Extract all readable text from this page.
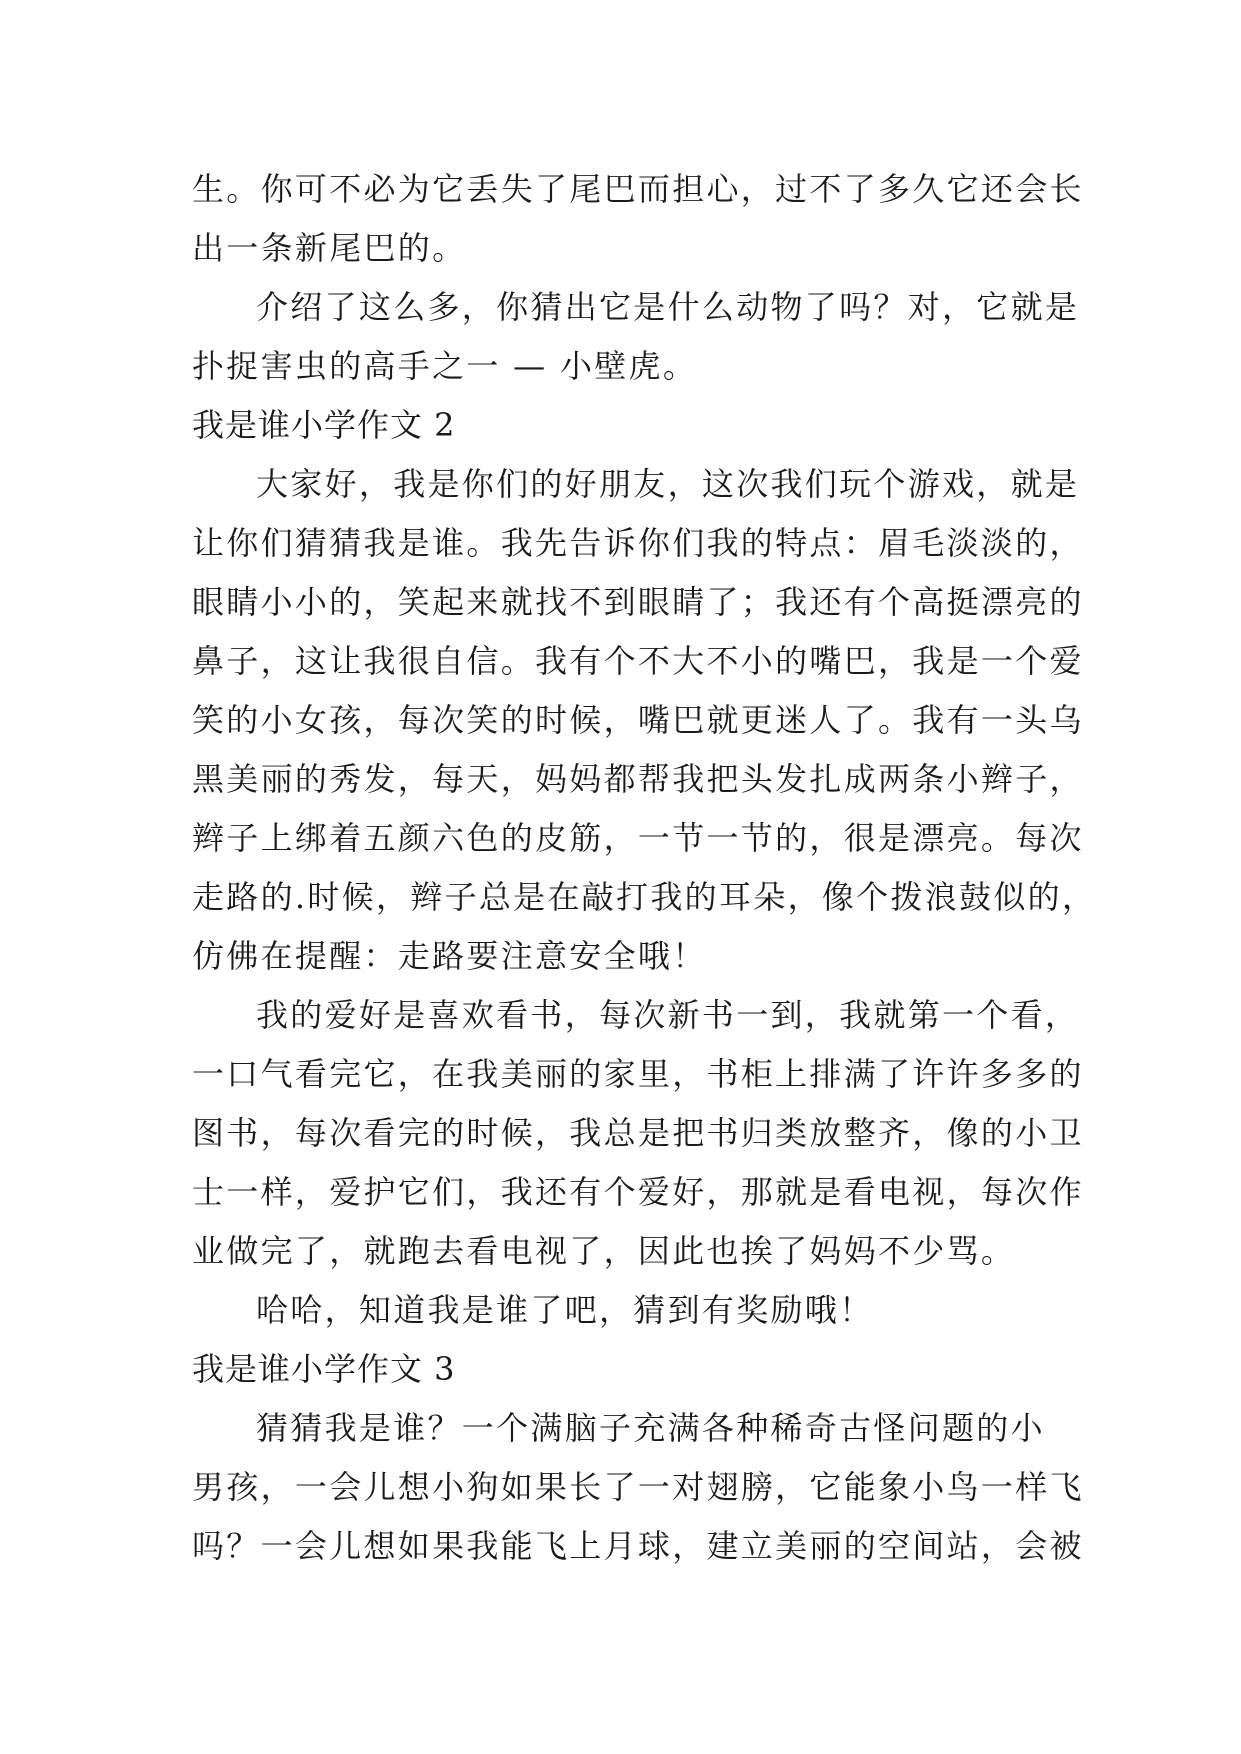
生。你可不必为它丢失了尾巴而担心，过不了多久它还会长
出一条新尾巴的。
介绍了这么多，你猜出它是什么动物了吗？对，它就是
扑捉害虫的高手之一 — 小壁虎。
我是谁小学作文 2
大家好，我是你们的好朋友，这次我们玩个游戏，就是
让你们猜猜我是谁。我先告诉你们我的特点：眉毛淡淡的，
眼睛小小的，笑起来就找不到眼睛了；我还有个高挺漂亮的
鼻子，这让我很自信。我有个不大不小的嘴巴，我是一个爱
笑的小女孩，每次笑的时候，嘴巴就更迷人了。我有一头乌
黑美丽的秀发，每天，妈妈都帮我把头发扎成两条小辫子，
辫子上绑着五颜六色的皮筋，一节一节的，很是漂亮。每次
走路的.时候，辫子总是在敲打我的耳朵，像个拨浪鼓似的，
仿佛在提醒：走路要注意安全哦！
我的爱好是喜欢看书，每次新书一到，我就第一个看，
一口气看完它，在我美丽的家里，书柜上排满了许许多多的
图书，每次看完的时候，我总是把书归类放整齐，像的小卫
士一样，爱护它们，我还有个爱好，那就是看电视，每次作
业做完了，就跑去看电视了，因此也挨了妈妈不少骂。
哈哈，知道我是谁了吧，猜到有奖励哦！
我是谁小学作文 3
猜猜我是谁？一个满脑子充满各种稀奇古怪问题的小
男孩，一会儿想小狗如果长了一对翅膀，它能象小鸟一样飞
吗？一会儿想如果我能飞上月球，建立美丽的空间站，会被
